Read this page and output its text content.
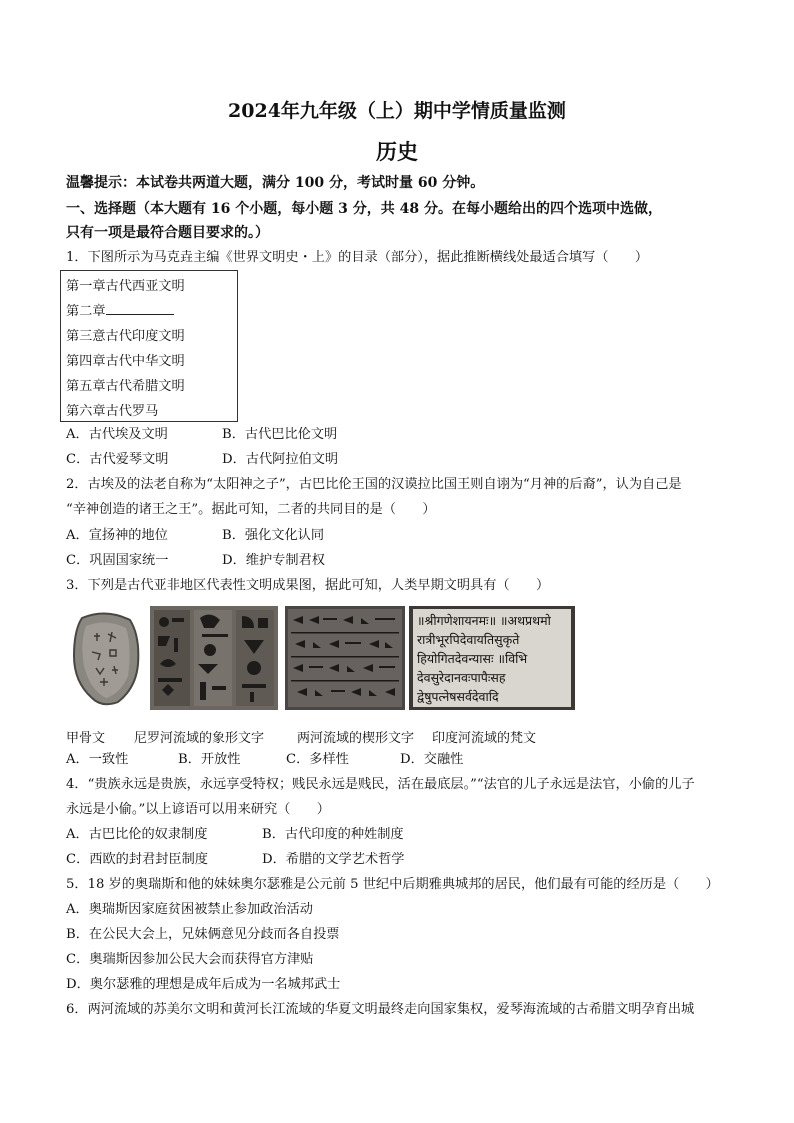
2024年九年级（上）期中学情质量监测
历史
温馨提示：本试卷共两道大题，满分 100 分，考试时量 60 分钟。
一、选择题（本大题有 16 个小题，每小题 3 分，共 48 分。在每小题给出的四个选项中选做，
只有一项是最符合题目要求的。）
1．下图所示为马克垚主编《世界文明史・上》的目录（部分），据此推断横线处最适合填写（　　）
第一章古代西亚文明
第二章
第三意古代印度文明
第四章古代中华文明
第五章古代希腊文明
第六章古代罗马
A．古代埃及文明	B．古代巴比伦文明
C．古代爱琴文明	D．古代阿拉伯文明
2．古埃及的法老自称为“太阳神之子”，古巴比伦王国的汉谟拉比国王则自诩为“月神的后裔”，认为自己是
“辛神创造的诸王之王”。据此可知，二者的共同目的是（　　）
A．宣扬神的地位	B．强化文化认同
C．巩固国家统一	D．维护专制君权
3．下列是古代亚非地区代表性文明成果图，据此可知，人类早期文明具有（　　）
॥श्रीगणेशायनमः॥ ॥अथप्रथमो
रात्रीभूरपिदेवायतिसुकृते
हियोगितदेवन्यासः ॥विभि
देवसुरेदानवःपापैःसह
द्वेषुपत्नेषसर्वदेवादि
甲骨文 尼罗河流域的象形文字	两河流域的楔形文字 印度河流域的梵文
A．一致性	B．开放性	C．多样性	D．交融性
4．“贵族永远是贵族，永远享受特权；贱民永远是贱民，活在最底层。”“法官的儿子永远是法官，小偷的儿子
永远是小偷。”以上谚语可以用来研究（　　）
A．古巴比伦的奴隶制度	B．古代印度的种姓制度
C．西欧的封君封臣制度	D．希腊的文学艺术哲学
5．18 岁的奥瑞斯和他的妹妹奥尔瑟雅是公元前 5 世纪中后期雅典城邦的居民，他们最有可能的经历是（　　）
A．奥瑞斯因家庭贫困被禁止参加政治活动
B．在公民大会上，兄妹俩意见分歧而各自投票
C．奥瑞斯因参加公民大会而获得官方津贴
D．奥尔瑟雅的理想是成年后成为一名城邦武士
6．两河流域的苏美尔文明和黄河长江流域的华夏文明最终走向国家集权，爱琴海流域的古希腊文明孕育出城
